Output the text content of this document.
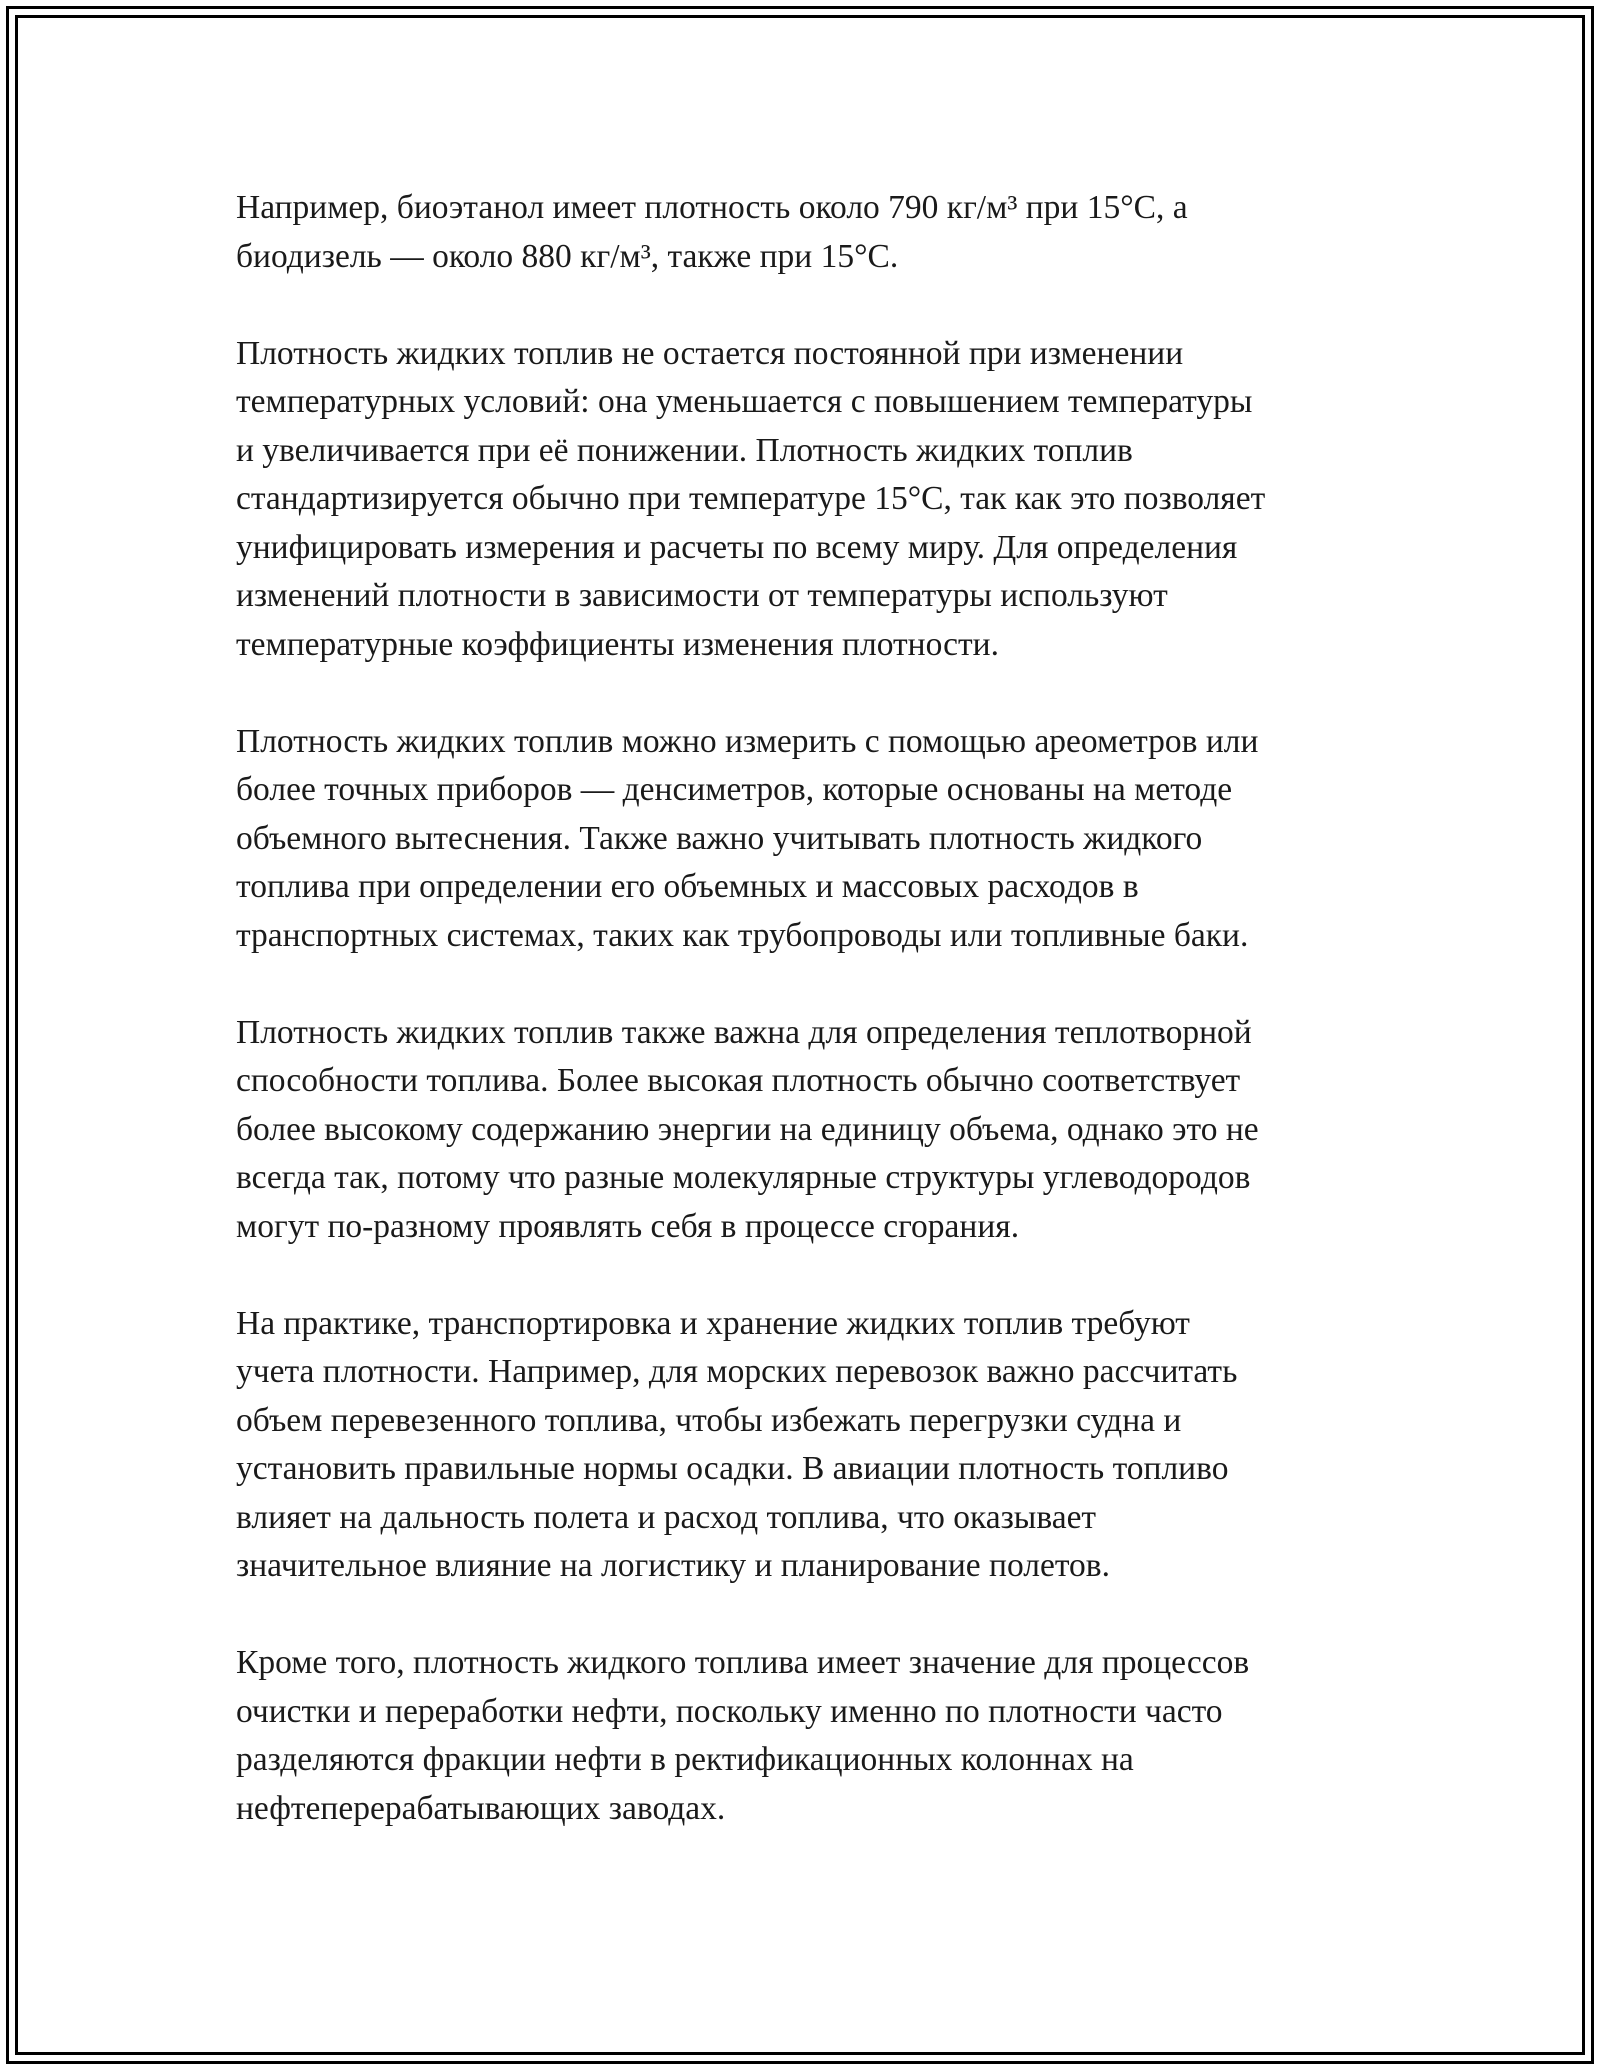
Например, биоэтанол имеет плотность около 790 кг/м³ при 15°C, а
биодизель — около 880 кг/м³, также при 15°C.

Плотность жидких топлив не остается постоянной при изменении
температурных условий: она уменьшается с повышением температуры
и увеличивается при её понижении. Плотность жидких топлив
стандартизируется обычно при температуре 15°C, так как это позволяет
унифицировать измерения и расчеты по всему миру. Для определения
изменений плотности в зависимости от температуры используют
температурные коэффициенты изменения плотности.

Плотность жидких топлив можно измерить с помощью ареометров или
более точных приборов — денсиметров, которые основаны на методе
объемного вытеснения. Также важно учитывать плотность жидкого
топлива при определении его объемных и массовых расходов в
транспортных системах, таких как трубопроводы или топливные баки.

Плотность жидких топлив также важна для определения теплотворной
способности топлива. Более высокая плотность обычно соответствует
более высокому содержанию энергии на единицу объема, однако это не
всегда так, потому что разные молекулярные структуры углеводородов
могут по-разному проявлять себя в процессе сгорания.

На практике, транспортировка и хранение жидких топлив требуют
учета плотности. Например, для морских перевозок важно рассчитать
объем перевезенного топлива, чтобы избежать перегрузки судна и
установить правильные нормы осадки. В авиации плотность топливо
влияет на дальность полета и расход топлива, что оказывает
значительное влияние на логистику и планирование полетов.

Кроме того, плотность жидкого топлива имеет значение для процессов
очистки и переработки нефти, поскольку именно по плотности часто
разделяются фракции нефти в ректификационных колоннах на
нефтеперерабатывающих заводах.
